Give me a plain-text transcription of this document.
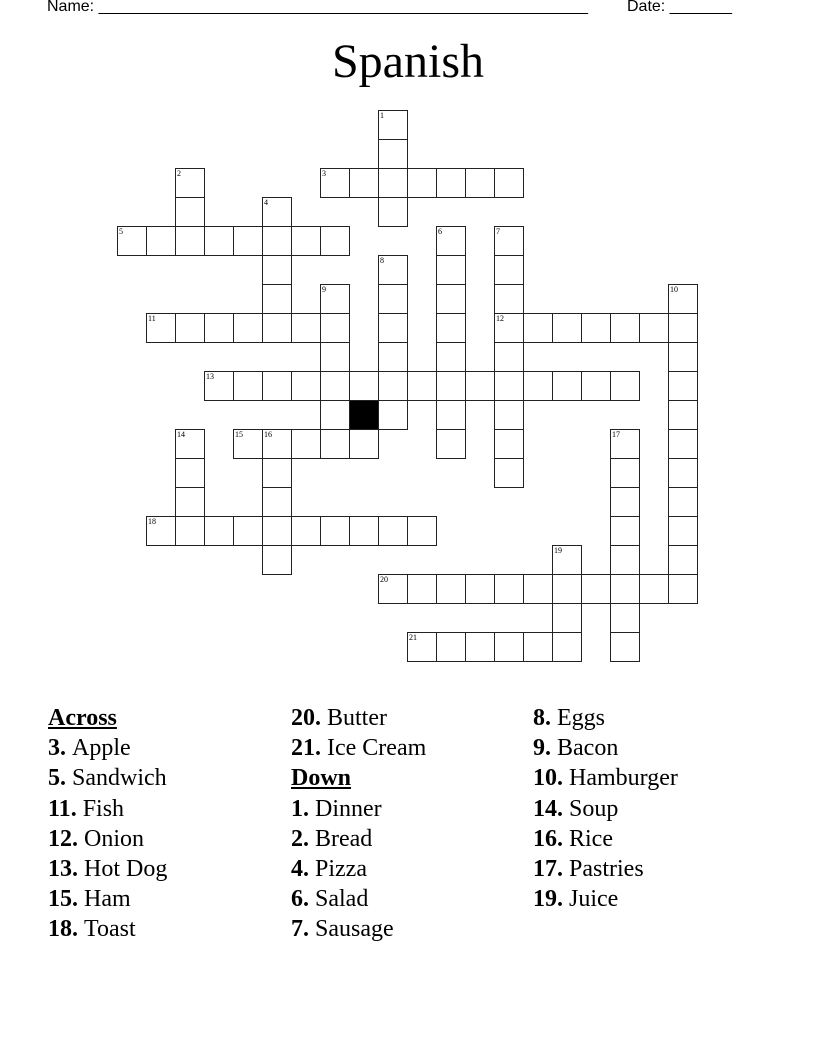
Name: _______________________________________________________ Date: _______
Spanish
3
5
11	12
13
15	16
18
20
21
1
2
4
6	7
8
9	10
14	17
19
Across
3 . Apple
5 . Sandwich
11 . Fish
12 . Onion
13 . Hot Dog
15 . Ham
18 . Toast
20 . Butter
21 . Ice Cream
Down
1 . Dinner
2 . Bread
4 . Pizza
6 . Salad
7 . Sausage
8 . Eggs
9 . Bacon
10 . Hamburger
14 . Soup
16 . Rice
17 . Pastries
19 . Juice
